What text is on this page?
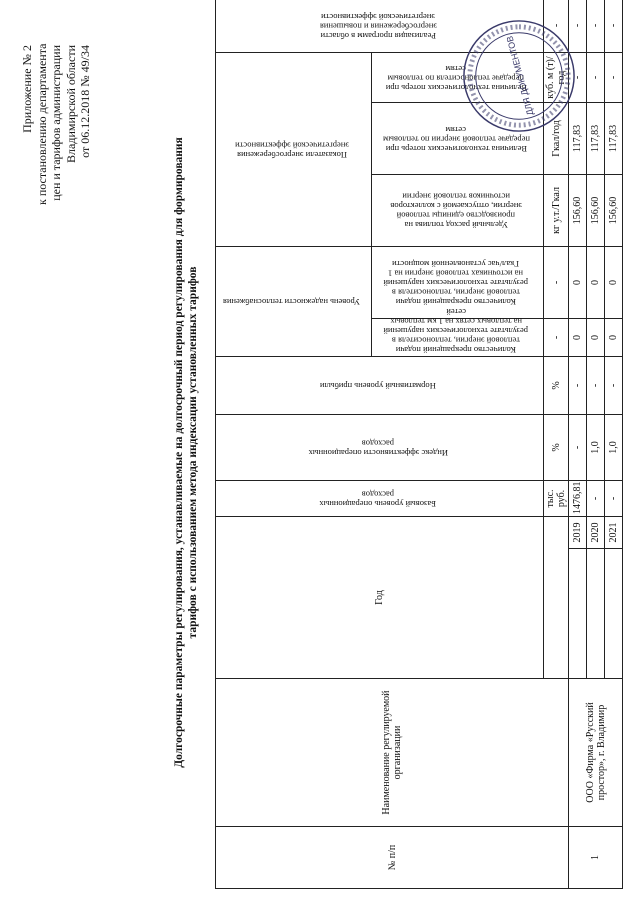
Приложение № 2 к постановлению департамента цен и тарифов администрации Владимирской области от 06.12.2018 № 49/34
Долгосрочные параметры регулирования, устанавливаемые на долгосрочный период регулирования для формирования тарифов с использованием метода индексации установленных тарифов
№ п/п	Наименование регулируемой организации	Год		Базовый уровень операционных расходов	Индекс эффективности операционных расходов	Нормативный уровень прибыли	Уровень надежности теплоснабжения		Показатели энергосбережения энергетической эффективности			Реализация программ в области энергосбережения и повышения энергетической эффективности	
							Количество прекращений подачи тепловой энергии, теплоносителя в результате технологических нарушений на тепловых сетях на 1 км тепловых сетей	Количество прекращений подачи тепловой энергии, теплоносителя в результате технологических нарушений на источниках тепловой энергии на 1 Гкал/час установленной мощности	Удельный расход топлива на производство единицы тепловой энергии, отпускаемой с коллекторов источников тепловой энергии	Величина технологических потерь при передаче тепловой энергии по тепловым сетям	Величина технологических потерь при передаче теплоносителя по тепловым сетям		
				тыс. руб.	%	%	-	-	кг у.т./Гкал	Гкал/год	куб. м (т)/год	-	
1	ООО «Фирма «Русский простор», г. Владимир		2019	1476,81	-	-	0	0	156,60	117,83	-	-	
			2020	-	1,0	-	0	0	156,60	117,83	-	-	
			2021	-	1,0	-	0	0	156,60	117,83	-	-	
ДЛЯ ДОКУМЕНТОВ
